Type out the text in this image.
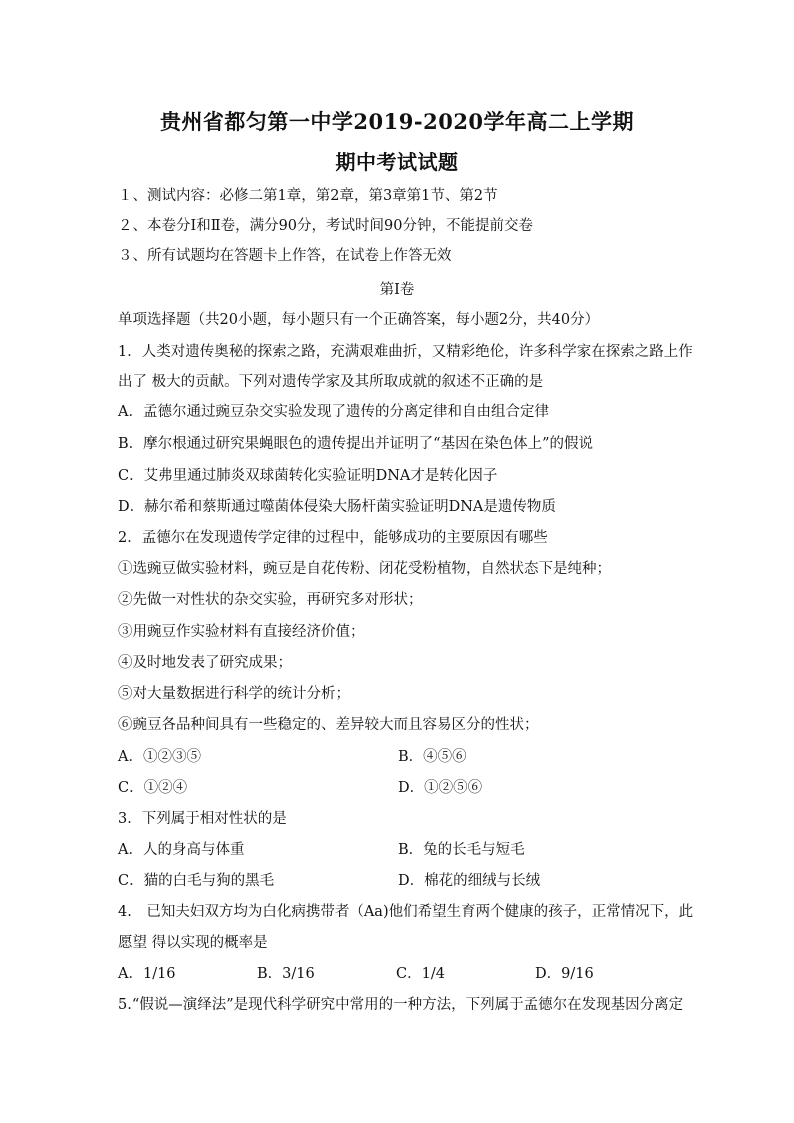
贵州省都匀第一中学2019-2020学年高二上学期
期中考试试题
１、测试内容：必修二第1章，第2章，第3章第1节、第2节
２、本卷分Ⅰ和Ⅱ卷，满分90分，考试时间90分钟，不能提前交卷
３、所有试题均在答题卡上作答，在试卷上作答无效
第Ⅰ卷
单项选择题（共20小题，每小题只有一个正确答案，每小题2分，共40分）
1．人类对遗传奥秘的探索之路，充满艰难曲折，又精彩绝伦，许多科学家在探索之路上作
出了 极大的贡献。下列对遗传学家及其所取成就的叙述不正确的是
A．孟德尔通过豌豆杂交实验发现了遗传的分离定律和自由组合定律
B．摩尔根通过研究果蝇眼色的遗传提出并证明了“基因在染色体上”的假说
C．艾弗里通过肺炎双球菌转化实验证明DNA才是转化因子
D．赫尔希和蔡斯通过噬菌体侵染大肠杆菌实验证明DNA是遗传物质
2．孟德尔在发现遗传学定律的过程中，能够成功的主要原因有哪些
①选豌豆做实验材料，豌豆是自花传粉、闭花受粉植物，自然状态下是纯种；
②先做一对性状的杂交实验，再研究多对形状；
③用豌豆作实验材料有直接经济价值；
④及时地发表了研究成果；
⑤对大量数据进行科学的统计分析；
⑥豌豆各品种间具有一些稳定的、差异较大而且容易区分的性状；
A．①②③⑤	B．④⑤⑥
C．①②④	D．①②⑤⑥
3．下列属于相对性状的是
A．人的身高与体重	B．兔的长毛与短毛
C．猫的白毛与狗的黑毛	D．棉花的细绒与长绒
4.　已知夫妇双方均为白化病携带者（Aa)他们希望生育两个健康的孩子，正常情况下，此
愿望 得以实现的概率是
A．1/16	B．3/16	C．1/4	D．9/16
5.“假说—演绎法”是现代科学研究中常用的一种方法，下列属于孟德尔在发现基因分离定
